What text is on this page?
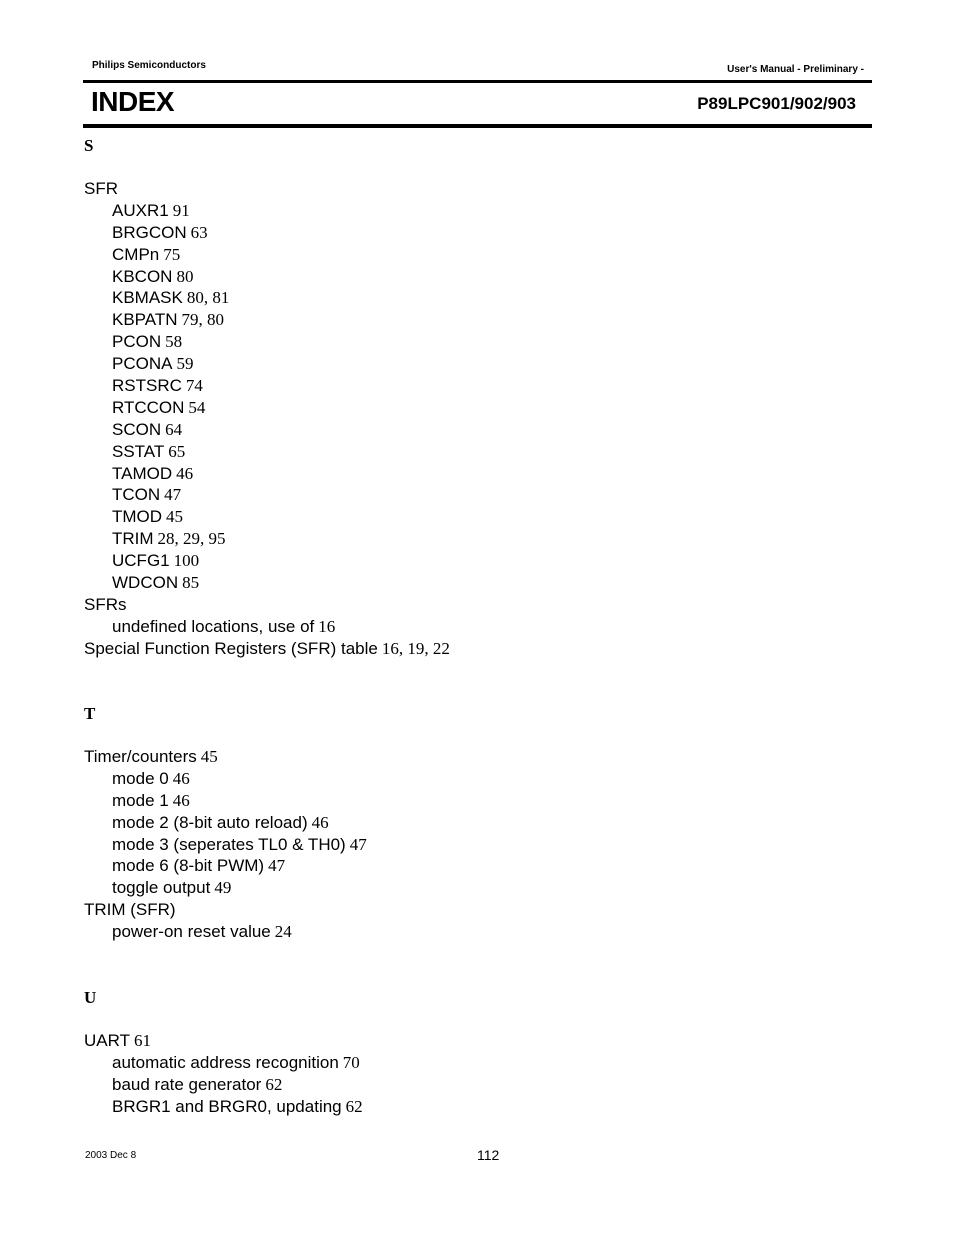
Philips Semiconductors	User's Manual - Preliminary -
INDEX	P89LPC901/902/903
S
SFR
AUXR1 91
BRGCON 63
CMPn 75
KBCON 80
KBMASK 80, 81
KBPATN 79, 80
PCON 58
PCONA 59
RSTSRC 74
RTCCON 54
SCON 64
SSTAT 65
TAMOD 46
TCON 47
TMOD 45
TRIM 28, 29, 95
UCFG1 100
WDCON 85
SFRs
undefined locations, use of 16
Special Function Registers (SFR) table 16, 19, 22
T
Timer/counters 45
mode 0 46
mode 1 46
mode 2 (8-bit auto reload) 46
mode 3 (seperates TL0 & TH0) 47
mode 6 (8-bit PWM) 47
toggle output 49
TRIM (SFR)
power-on reset value 24
U
UART 61
automatic address recognition 70
baud rate generator 62
BRGR1 and BRGR0, updating 62
2003 Dec 8	112
